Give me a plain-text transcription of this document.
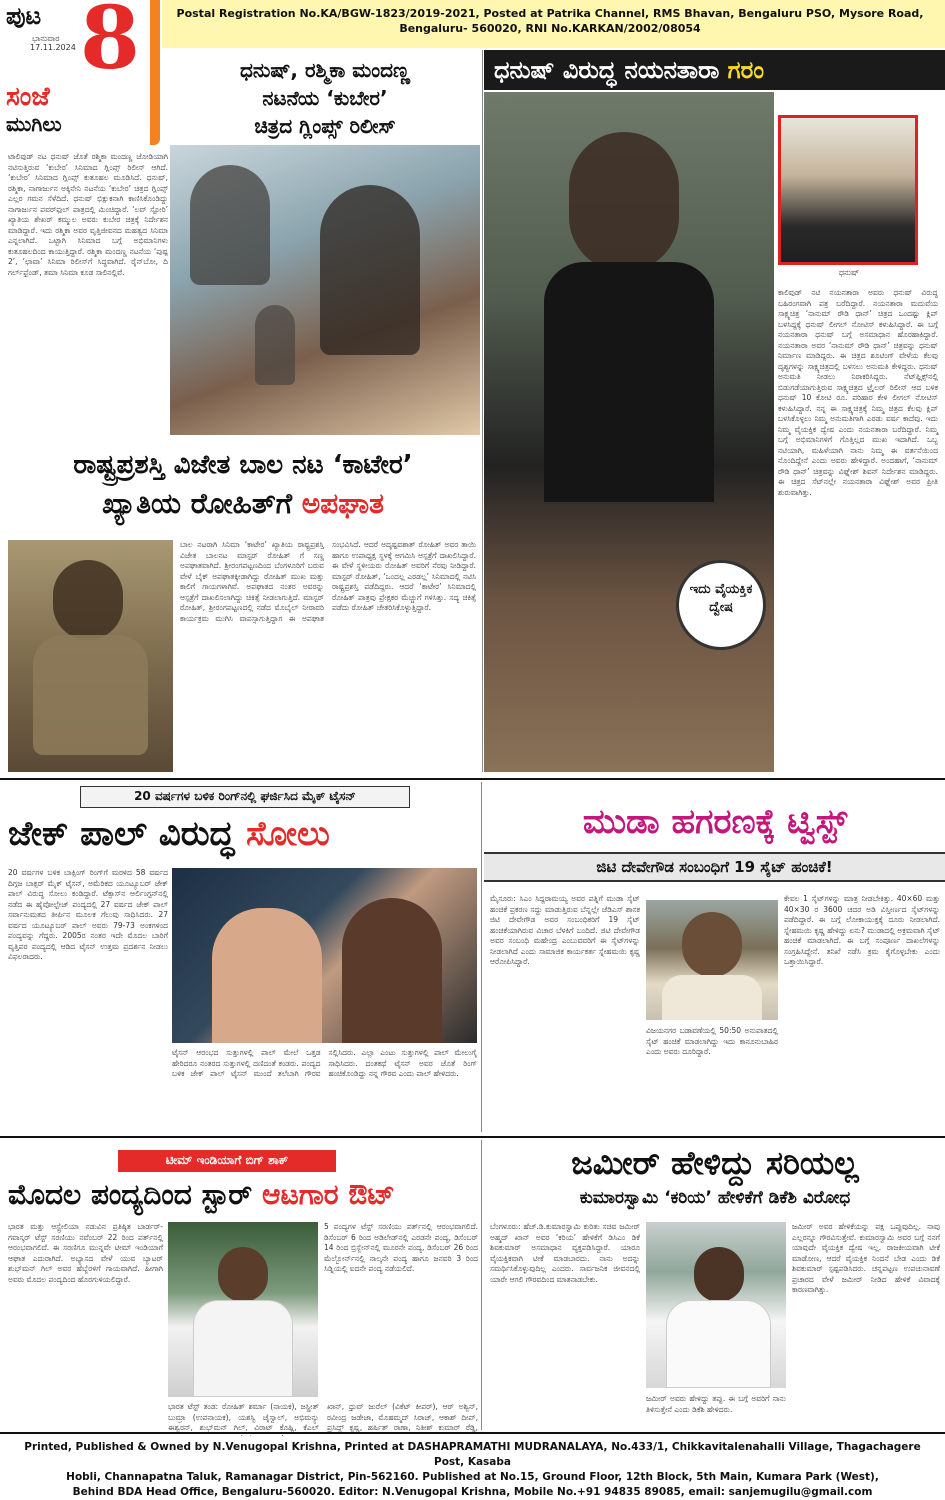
ಪುಟ
ಭಾನುವಾರ
17.11.2024 8
ಸಂಜೆ
ಮುಗಿಲು
Postal Registration No.KA/BGW-1823/2019-2021, Posted at Patrika Channel, RMS Bhavan, Bengaluru PSO, Mysore Road,
Bengaluru- 560020, RNI No.KARKAN/2002/08054
ಧನುಷ್, ರಶ್ಮಿಕಾ ಮಂದಣ್ಣ
ನಟನೆಯ ‘ಕುಬೇರ’
ಚಿತ್ರದ ಗ್ಲಿಂಪ್ಸ್ ರಿಲೀಸ್
ಟಾಲಿವುಡ್ ನಟ ಧನುಷ್ ಜೊತೆ ರಶ್ಮಿಕಾ ಮಂದಣ್ಣ ಜೋಡಿಯಾಗಿ ನಟಿಸುತ್ತಿರುವ ‘ಕುಬೇರ’ ಸಿನಿಮಾದ ಗ್ಲಿಂಪ್ಸ್ ರಿಲೀಸ್ ಆಗಿದೆ. ‘ಕುಬೇರ’ ಸಿನಿಮಾದ ಗ್ಲಿಂಪ್ಸ್ ಕುತೂಹಲ ಮೂಡಿಸಿದೆ. ಧನುಷ್, ರಶ್ಮಿಕಾ, ನಾಗಾರ್ಜುನ ಅಕ್ಕಿನೇನಿ ನಟನೆಯ ‘ಕುಬೇರ’ ಚಿತ್ರದ ಗ್ಲಿಂಪ್ಸ್ ಎಲ್ಲರ ಗಮನ ಸೆಳೆದಿದೆ. ಧನುಷ್ ಭಿಕ್ಷುಕನಾಗಿ ಕಾಣಿಸಿಕೊಂಡಿದ್ದು ನಾಗಾರ್ಜುನ ಪವರ್‌ಫುಲ್ ಪಾತ್ರದಲ್ಲಿ ಮಿಂಚಿದ್ದಾರೆ. ‘ಲವ್ ಸ್ಟೋರಿ’ ಖ್ಯಾತಿಯ ಶೇಖರ್ ಕಮ್ಮುಲ ಅವರು ಕುಬೇರ ಚಿತ್ರಕ್ಕೆ ನಿರ್ದೇಶನ ಮಾಡಿದ್ದಾರೆ. ಇದು ರಶ್ಮಿಕಾ ಅವರ ವೃತ್ತಿಜೀವನದ ಮಹತ್ವದ ಸಿನಿಮಾ ಎನ್ನಲಾಗಿದೆ. ಒಟ್ಟಾಗಿ ಸಿನಿಮಾದ ಬಗ್ಗೆ ಅಭಿಮಾನಿಗಳು ಕುತೂಹಲದಿಂದ ಕಾಯುತ್ತಿದ್ದಾರೆ. ರಶ್ಮಿಕಾ ಮಂದಣ್ಣ ನಟನೆಯ ‘ಪುಷ್ಪ 2’, ‘ಛಾವಾ’ ಸಿನಿಮಾ ರಿಲೀಸ್‌ಗೆ ಸಿದ್ಧವಾಗಿದೆ. ರೈನ್‌ಬೋ, ದಿ ಗರ್ಲ್‌ಫ್ರೆಂಡ್, ತಮಾ ಸಿನಿಮಾ ಕೂಡ ಸಾಲಿನಲ್ಲಿವೆ.
ಧನುಷ್ ವಿರುದ್ಧ ನಯನತಾರಾ ಗರಂ
ಧನುಷ್
ಕಾಲಿವುಡ್ ನಟಿ ನಯನತಾರಾ ಅವರು ಧನುಷ್ ವಿರುದ್ಧ ಬಹಿರಂಗವಾಗಿ ಪತ್ರ ಬರೆದಿದ್ದಾರೆ. ನಯನತಾರಾ ಮದುವೆಯ ಸಾಕ್ಷ್ಯಚಿತ್ರ ‘ನಾನುಮ್ ರೌಡಿ ಧಾನ್’ ಚಿತ್ರದ ಒಂದಷ್ಟು ಕ್ಲಿಪ್ ಬಳಸಿದ್ದಕ್ಕೆ ಧನುಷ್ ಲೀಗಲ್ ನೋಟಿಸ್ ಕಳುಹಿಸಿದ್ದಾರೆ. ಈ ಬಗ್ಗೆ ನಯನತಾರಾ ಧನುಷ್ ಬಗ್ಗೆ ಅಸಮಾಧಾನ ಹೊರಹಾಕಿದ್ದಾರೆ. ನಯನತಾರಾ ಅವರ ‘ನಾನುಮ್ ರೌಡಿ ಧಾನ್’ ಚಿತ್ರವನ್ನು ಧನುಷ್ ನಿರ್ಮಾಣ ಮಾಡಿದ್ದರು. ಈ ಚಿತ್ರದ ಶೂಟಿಂಗ್ ವೇಳೆಯ ಕೆಲವು ದೃಶ್ಯಗಳನ್ನು ಸಾಕ್ಷ್ಯಚಿತ್ರದಲ್ಲಿ ಬಳಸಲು ಅನುಮತಿ ಕೇಳಿದ್ದರು. ಧನುಷ್ ಅನುಮತಿ ನೀಡಲು ನಿರಾಕರಿಸಿದ್ದರು. ನೆಟ್‌ಫ್ಲಿಕ್ಸ್‌ನಲ್ಲಿ ಬಿಡುಗಡೆಯಾಗುತ್ತಿರುವ ಸಾಕ್ಷ್ಯಚಿತ್ರದ ಟ್ರೈಲರ್ ರಿಲೀಸ್ ಆದ ಬಳಿಕ ಧನುಷ್ 10 ಕೋಟಿ ರೂ. ಪರಿಹಾರ ಕೇಳಿ ಲೀಗಲ್ ನೋಟಿಸ್ ಕಳುಹಿಸಿದ್ದಾರೆ. ನನ್ನ ಈ ಸಾಕ್ಷ್ಯಚಿತ್ರಕ್ಕೆ ನಿಮ್ಮ ಚಿತ್ರದ ಕೆಲವು ಕ್ಲಿಪ್ ಬಳಸಿಕೊಳ್ಳಲು ನಿಮ್ಮ ಅನುಮತಿಗಾಗಿ ಎರಡು ವರ್ಷ ಕಾದೆವು. ಇದು ನಿಮ್ಮ ವೈಯಕ್ತಿಕ ದ್ವೇಷ ಎಂದು ನಯನತಾರಾ ಬರೆದಿದ್ದಾರೆ. ನಿಮ್ಮ ಬಗ್ಗೆ ಅಭಿಮಾನಿಗಳಿಗೆ ಗೊತ್ತಿಲ್ಲದ ಮುಖ ಇದಾಗಿದೆ. ಒಬ್ಬ ನಟಿಯಾಗಿ, ಮಹಿಳೆಯಾಗಿ ನಾನು ನಿಮ್ಮ ಈ ವರ್ತನೆಯಿಂದ ನೊಂದಿದ್ದೇನೆ ಎಂದು ಅವರು ಹೇಳಿದ್ದಾರೆ. ಅಂದಹಾಗೆ, ‘ನಾನುಮ್ ರೌಡಿ ಧಾನ್’ ಚಿತ್ರವನ್ನು ವಿಘ್ನೇಶ್ ಶಿವನ್ ನಿರ್ದೇಶನ ಮಾಡಿದ್ದರು. ಈ ಚಿತ್ರದ ಸೆಟ್‌ನಲ್ಲೇ ನಯನತಾರಾ ವಿಘ್ನೇಶ್ ಅವರ ಪ್ರೀತಿ ಶುರುವಾಗಿತ್ತು.
ಇದು ವೈಯಕ್ತಿಕ ದ್ವೇಷ
ರಾಷ್ಟ್ರಪ್ರಶಸ್ತಿ ವಿಜೇತ ಬಾಲ ನಟ ‘ಕಾಟೇರ’
ಖ್ಯಾತಿಯ ರೋಹಿತ್‌ಗೆ ಅಪಘಾತ
ಬಾಲ ನಟರಾಗಿ ಸಿನಿಮಾ ‘ಕಾಟೇರ’ ಖ್ಯಾತಿಯ ರಾಷ್ಟ್ರಪ್ರಶಸ್ತಿ ವಿಜೇತ ಬಾಲನಟ ಮಾಸ್ಟರ್ ರೋಹಿತ್ ಗೆ ಸಣ್ಣ ಅಪಘಾತವಾಗಿದೆ. ಶ್ರೀರಂಗಪಟ್ಟಣದಿಂದ ಬೆಂಗಳೂರಿಗೆ ಬರುವ ವೇಳೆ ಬೈಕ್ ಅಪಘಾತಕ್ಕೀಡಾಗಿದ್ದು ರೋಹಿತ್ ಮುಖ ಮತ್ತು ಕಾಲಿಗೆ ಗಾಯಗಳಾಗಿವೆ. ಅಪಘಾತದ ನಂತರ ಅವರನ್ನು ಆಸ್ಪತ್ರೆಗೆ ದಾಖಲಿಸಲಾಗಿದ್ದು ಚಿಕಿತ್ಸೆ ನೀಡಲಾಗುತ್ತಿದೆ. ಮಾಸ್ಟರ್ ರೋಹಿತ್, ಶ್ರೀರಂಗಪಟ್ಟಣದಲ್ಲಿ ನಡೆದ ಮೊಬೈಲ್ ನೀರಾವರಿ ಕಾರ್ಯಕ್ರಮ ಮುಗಿಸಿ ವಾಪಸ್ಸಾಗುತ್ತಿದ್ದಾಗ ಈ ಅಪಘಾತ ಸಂಭವಿಸಿದೆ. ಆದರೆ ಅದೃಷ್ಟವಶಾತ್ ರೋಹಿತ್ ಅವರ ತಾಯಿ ಹಾಗೂ ಉಪಾಧ್ಯಕ್ಷ ಸ್ಥಳಕ್ಕೆ ಆಗಮಿಸಿ ಆಸ್ಪತ್ರೆಗೆ ದಾಖಲಿಸಿದ್ದಾರೆ. ಈ ವೇಳೆ ಸ್ಥಳೀಯರು ರೋಹಿತ್ ಅವರಿಗೆ ನೆರವು ನೀಡಿದ್ದಾರೆ. ಮಾಸ್ಟರ್ ರೋಹಿತ್, ‘ಒಂದಲ್ಲ ಎರಡಲ್ಲ’ ಸಿನಿಮಾದಲ್ಲಿ ನಟಿಸಿ ರಾಷ್ಟ್ರಪ್ರಶಸ್ತಿ ಪಡೆದಿದ್ದರು. ಆದರೆ ‘ಕಾಟೇರ’ ಸಿನಿಮಾದಲ್ಲಿ ರೋಹಿತ್ ಪಾತ್ರವು ಪ್ರೇಕ್ಷಕರ ಮೆಚ್ಚುಗೆ ಗಳಿಸಿತ್ತು. ಸದ್ಯ ಚಿಕಿತ್ಸೆ ಪಡೆದು ರೋಹಿತ್ ಚೇತರಿಸಿಕೊಳ್ಳುತ್ತಿದ್ದಾರೆ.
20 ವರ್ಷಗಳ ಬಳಿಕ ರಿಂಗ್‌ನಲ್ಲಿ ಘರ್ಜಿಸಿದ ಮೈಕ್ ಟೈಸನ್
ಜೇಕ್ ಪಾಲ್ ವಿರುದ್ಧ ಸೋಲು
20 ವರ್ಷಗಳ ಬಳಿಕ ಬಾಕ್ಸಿಂಗ್ ರಿಂಗ್‌ಗೆ ಮರಳಿದ 58 ವರ್ಷದ ದಿಗ್ಗಜ ಬಾಕ್ಸರ್ ಮೈಕ್ ಟೈಸನ್, ಅಮೆರಿಕದ ಯೂಟ್ಯೂಬರ್ ಜೇಕ್ ಪಾಲ್ ವಿರುದ್ಧ ಸೋಲು ಕಂಡಿದ್ದಾರೆ. ಟೆಕ್ಸಾಸ್‌ನ ಆರ್ಲಿಂಗ್ಟನ್‌ನಲ್ಲಿ ನಡೆದ ಈ ಹೈವೋಲ್ಟೇಜ್ ಪಂದ್ಯದಲ್ಲಿ 27 ವರ್ಷದ ಜೇಕ್ ಪಾಲ್ ಸರ್ವಾನುಮತದ ತೀರ್ಪಿನ ಮೂಲಕ ಗೆಲುವು ಸಾಧಿಸಿದರು. 27 ವರ್ಷದ ಯೂಟ್ಯೂಬರ್ ಪಾಲ್ ಅವರು 79-73 ಅಂಕಗಳಿಂದ ಪಂದ್ಯವನ್ನು ಗೆದ್ದರು. 2005ರ ನಂತರ ಇದೇ ಮೊದಲ ಬಾರಿಗೆ ವೃತ್ತಿಪರ ಪಂದ್ಯದಲ್ಲಿ ಆಡಿದ ಟೈಸನ್ ಉತ್ತಮ ಪ್ರದರ್ಶನ ನೀಡಲು ವಿಫಲರಾದರು.
ಟೈಸನ್ ಆರಂಭದ ಸುತ್ತುಗಳಲ್ಲಿ ಪಾಲ್ ಮೇಲೆ ಒತ್ತಡ ಹೇರಿದರೂ ನಂತರದ ಸುತ್ತುಗಳಲ್ಲಿ ದಣಿದಂತೆ ಕಂಡರು. ಪಂದ್ಯದ ಬಳಿಕ ಜೇಕ್ ಪಾಲ್ ಟೈಸನ್ ಮುಂದೆ ತಲೆಬಾಗಿ ಗೌರವ ಸಲ್ಲಿಸಿದರು. ಎಲ್ಲಾ ಎಂಟು ಸುತ್ತುಗಳಲ್ಲಿ ಪಾಲ್ ಮೇಲುಗೈ ಸಾಧಿಸಿದರು. ದಂತಕಥೆ ಟೈಸನ್ ಅವರ ಜೊತೆ ರಿಂಗ್ ಹಂಚಿಕೊಂಡಿದ್ದು ನನ್ನ ಗೌರವ ಎಂದು ಪಾಲ್ ಹೇಳಿದರು.
ಮುಡಾ ಹಗರಣಕ್ಕೆ ಟ್ವಿಸ್ಟ್
ಜಿಟಿ ದೇವೇಗೌಡ ಸಂಬಂಧಿಗೆ 19 ಸೈಟ್ ಹಂಚಿಕೆ!
ಮೈಸೂರು: ಸಿಎಂ ಸಿದ್ದರಾಮಯ್ಯ ಅವರ ಪತ್ನಿಗೆ ಮುಡಾ ಸೈಟ್ ಹಂಚಿಕೆ ಪ್ರಕರಣ ಸದ್ದು ಮಾಡುತ್ತಿರುವ ಬೆನ್ನಲ್ಲೇ ಜೆಡಿಎಸ್ ಶಾಸಕ ಜಿಟಿ ದೇವೇಗೌಡ ಅವರ ಸಂಬಂಧಿಕರಿಗೆ 19 ಸೈಟ್ ಹಂಚಿಕೆಯಾಗಿರುವ ವಿಚಾರ ಬೆಳಕಿಗೆ ಬಂದಿದೆ. ಜಿಟಿ ದೇವೇಗೌಡ ಅವರ ಸಂಬಂಧಿ ಮಹೇಂದ್ರ ಎಂಬುವವರಿಗೆ ಈ ಸೈಟ್‌ಗಳನ್ನು ನೀಡಲಾಗಿದೆ ಎಂದು ಸಾಮಾಜಿಕ ಕಾರ್ಯಕರ್ತ ಸ್ನೇಹಮಯಿ ಕೃಷ್ಣ ಆರೋಪಿಸಿದ್ದಾರೆ.
ವಿಜಯನಗರ ಬಡಾವಣೆಯಲ್ಲಿ 50:50 ಅನುಪಾತದಲ್ಲಿ ಸೈಟ್ ಹಂಚಿಕೆ ಮಾಡಲಾಗಿದ್ದು ಇದು ಕಾನೂನುಬಾಹಿರ ಎಂದು ಅವರು ದೂರಿದ್ದಾರೆ.
ಕೇವಲ 1 ಸೈಟ್‌ಗಳನ್ನು ಮಾತ್ರ ನೀಡಬೇಕಿತ್ತು. 40×60 ಮತ್ತು 40×30 ರ 3600 ಚದರ ಅಡಿ ವಿಸ್ತೀರ್ಣದ ಸೈಟ್‌ಗಳನ್ನು ಪಡೆದಿದ್ದಾರೆ. ಈ ಬಗ್ಗೆ ಲೋಕಾಯುಕ್ತಕ್ಕೆ ದೂರು ನೀಡಲಾಗಿದೆ. ಸ್ನೇಹಮಯಿ ಕೃಷ್ಣ ಹೇಳಿದ್ದು ಏನು? ಮುಡಾದಲ್ಲಿ ಅಕ್ರಮವಾಗಿ ಸೈಟ್ ಹಂಚಿಕೆ ಮಾಡಲಾಗಿದೆ. ಈ ಬಗ್ಗೆ ಸಂಪೂರ್ಣ ದಾಖಲೆಗಳನ್ನು ಸಂಗ್ರಹಿಸಿದ್ದೇನೆ. ತನಿಖೆ ನಡೆಸಿ ಕ್ರಮ ಕೈಗೊಳ್ಳಬೇಕು ಎಂದು ಒತ್ತಾಯಿಸಿದ್ದಾರೆ.
ಟೀಮ್ ಇಂಡಿಯಾಗೆ ಬಿಗ್ ಶಾಕ್
ಮೊದಲ ಪಂದ್ಯದಿಂದ ಸ್ಟಾರ್ ಆಟಗಾರ ಔಟ್
ಭಾರತ ಮತ್ತು ಆಸ್ಟ್ರೇಲಿಯಾ ನಡುವಿನ ಪ್ರತಿಷ್ಠಿತ ಬಾರ್ಡರ್-ಗವಾಸ್ಕರ್ ಟೆಸ್ಟ್ ಸರಣಿಯು ನವೆಂಬರ್ 22 ರಿಂದ ಪರ್ತ್‌ನಲ್ಲಿ ಆರಂಭವಾಗಲಿದೆ. ಈ ಸರಣಿಗೂ ಮುನ್ನವೇ ಟೀಮ್ ಇಂಡಿಯಾಗೆ ಆಘಾತ ಎದುರಾಗಿದೆ. ಅಭ್ಯಾಸದ ವೇಳೆ ಯುವ ಬ್ಯಾಟರ್ ಶುಭ್‌ಮನ್ ಗಿಲ್ ಅವರ ಹೆಬ್ಬೆರಳಿಗೆ ಗಾಯವಾಗಿದೆ. ಹೀಗಾಗಿ ಅವರು ಮೊದಲ ಪಂದ್ಯದಿಂದ ಹೊರಗುಳಿಯಲಿದ್ದಾರೆ.
5 ಪಂದ್ಯಗಳ ಟೆಸ್ಟ್ ಸರಣಿಯು ಪರ್ತ್‌ನಲ್ಲಿ ಆರಂಭವಾಗಲಿದೆ. ಡಿಸೆಂಬರ್ 6 ರಿಂದ ಅಡಿಲೇಡ್‌ನಲ್ಲಿ ಎರಡನೇ ಪಂದ್ಯ, ಡಿಸೆಂಬರ್ 14 ರಿಂದ ಬ್ರಿಸ್ಬೇನ್‌ನಲ್ಲಿ ಮೂರನೇ ಪಂದ್ಯ, ಡಿಸೆಂಬರ್ 26 ರಿಂದ ಮೆಲ್ಬೋರ್ನ್‌ನಲ್ಲಿ ನಾಲ್ಕನೇ ಪಂದ್ಯ ಹಾಗೂ ಜನವರಿ 3 ರಿಂದ ಸಿಡ್ನಿಯಲ್ಲಿ ಐದನೇ ಪಂದ್ಯ ನಡೆಯಲಿದೆ.
ಭಾರತ ಟೆಸ್ಟ್ ತಂಡ: ರೋಹಿತ್ ಶರ್ಮಾ (ನಾಯಕ), ಜಸ್ಪ್ರೀತ್ ಬುಮ್ರಾ (ಉಪನಾಯಕ), ಯಶಸ್ವಿ ಜೈಸ್ವಾಲ್, ಅಭಿಮನ್ಯು ಈಶ್ವರನ್, ಶುಭ್‌ಮನ್ ಗಿಲ್, ವಿರಾಟ್ ಕೊಹ್ಲಿ, ಕೆಎಲ್ ಖಾನ್, ಧ್ರುವ್ ಜುರೆಲ್ (ವಿಕೆಟ್ ಕೀಪರ್), ಆರ್ ಅಶ್ವಿನ್, ರವೀಂದ್ರ ಜಡೇಜಾ, ಮೊಹಮ್ಮದ್ ಸಿರಾಜ್, ಆಕಾಶ್ ದೀಪ್, ಪ್ರಸಿದ್ಧ್ ಕೃಷ್ಣ, ಹರ್ಷಿತ್ ರಾಣಾ, ನಿತೀಶ್ ಕುಮಾರ್ ರೆಡ್ಡಿ,
ಜಮೀರ್ ಹೇಳಿದ್ದು ಸರಿಯಲ್ಲ
ಕುಮಾರಸ್ವಾಮಿ ‘ಕರಿಯ’ ಹೇಳಿಕೆಗೆ ಡಿಕೆಶಿ ವಿರೋಧ
ಬೆಂಗಳೂರು: ಹೆಚ್.ಡಿ.ಕುಮಾರಸ್ವಾಮಿ ಕುರಿತು ಸಚಿವ ಜಮೀರ್ ಅಹ್ಮದ್ ಖಾನ್ ಅವರ ‘ಕರಿಯ’ ಹೇಳಿಕೆಗೆ ಡಿಸಿಎಂ ಡಿಕೆ ಶಿವಕುಮಾರ್ ಅಸಮಾಧಾನ ವ್ಯಕ್ತಪಡಿಸಿದ್ದಾರೆ. ಯಾರೂ ವೈಯಕ್ತಿಕವಾಗಿ ಟೀಕೆ ಮಾಡಬಾರದು. ನಾನು ಅದನ್ನು ಸಮರ್ಥಿಸಿಕೊಳ್ಳುವುದಿಲ್ಲ ಎಂದರು. ಸಾರ್ವಜನಿಕ ಜೀವನದಲ್ಲಿ ಯಾರೇ ಆಗಲಿ ಗೌರವದಿಂದ ಮಾತನಾಡಬೇಕು.
ಜಮೀರ್ ಅವರು ಹೇಳಿದ್ದು ತಪ್ಪು. ಈ ಬಗ್ಗೆ ಅವರಿಗೆ ನಾನು ತಿಳಿಸುತ್ತೇನೆ ಎಂದು ಡಿಕೆಶಿ ಹೇಳಿದರು.
ಜಮೀರ್ ಅವರ ಹೇಳಿಕೆಯನ್ನು ಪಕ್ಷ ಒಪ್ಪುವುದಿಲ್ಲ. ನಾವು ಎಲ್ಲರನ್ನೂ ಗೌರವಿಸುತ್ತೇವೆ. ಕುಮಾರಸ್ವಾಮಿ ಅವರ ಬಗ್ಗೆ ನನಗೆ ಯಾವುದೇ ವೈಯಕ್ತಿಕ ದ್ವೇಷ ಇಲ್ಲ. ರಾಜಕೀಯವಾಗಿ ಟೀಕೆ ಮಾಡೋಣ, ಆದರೆ ವೈಯಕ್ತಿಕ ನಿಂದನೆ ಬೇಡ ಎಂದು ಡಿಕೆ ಶಿವಕುಮಾರ್ ಸ್ಪಷ್ಟಪಡಿಸಿದರು. ಚನ್ನಪಟ್ಟಣ ಉಪಚುನಾವಣೆ ಪ್ರಚಾರದ ವೇಳೆ ಜಮೀರ್ ನೀಡಿದ ಹೇಳಿಕೆ ವಿವಾದಕ್ಕೆ ಕಾರಣವಾಗಿತ್ತು.
Printed, Published & Owned by N.Venugopal Krishna, Printed at DASHAPRAMATHI MUDRANALAYA, No.433/1, Chikkavitalenahalli Village, Thagachagere Post, Kasaba
Hobli, Channapatna Taluk, Ramanagar District, Pin-562160. Published at No.15, Ground Floor, 12th Block, 5th Main, Kumara Park (West),
Behind BDA Head Office, Bengaluru-560020. Editor: N.Venugopal Krishna, Mobile No.+91 94835 89085, email: sanjemugilu@gmail.com
